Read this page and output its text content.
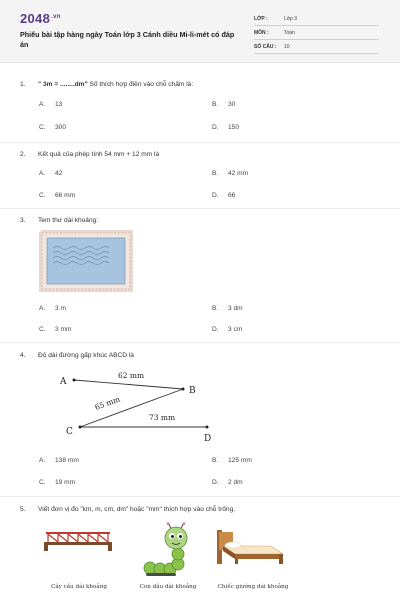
$2048^{.vn}$
Phiếu bài tập hàng ngày Toán lớp 3 Cánh diều Mi-li-mét có đáp án
LỚP :	Lớp 3
MÔN :	Toán
SỐ CÂU : 10
1. " 3m = ........dm" Số thích hợp điền vào chỗ chấm là:
A. 13	B. 30
C. 300	D. 150
2. Kết quả của phép tính 54 mm + 12 mm là
A. 42	B. 42 mm
C. 66 mm	D. 66
3. Tem thư dài khoảng:
A. 3 m	B. 3 dm
C. 3 mm	D. 3 cm
4. Độ dài đường gấp khúc ABCD là
A
B
C
D
62 mm
65 mm
73 mm
A. 138 mm	B. 125 mm
C. 19 mm	D. 2 dm
5. Viết đơn vị đo "km, m, cm, dm" hoặc "mm" thích hợp vào chỗ trống.
Cây cầu dài khoảng	Con dâu dài khoảng	Chiếc giường dài khoảng
